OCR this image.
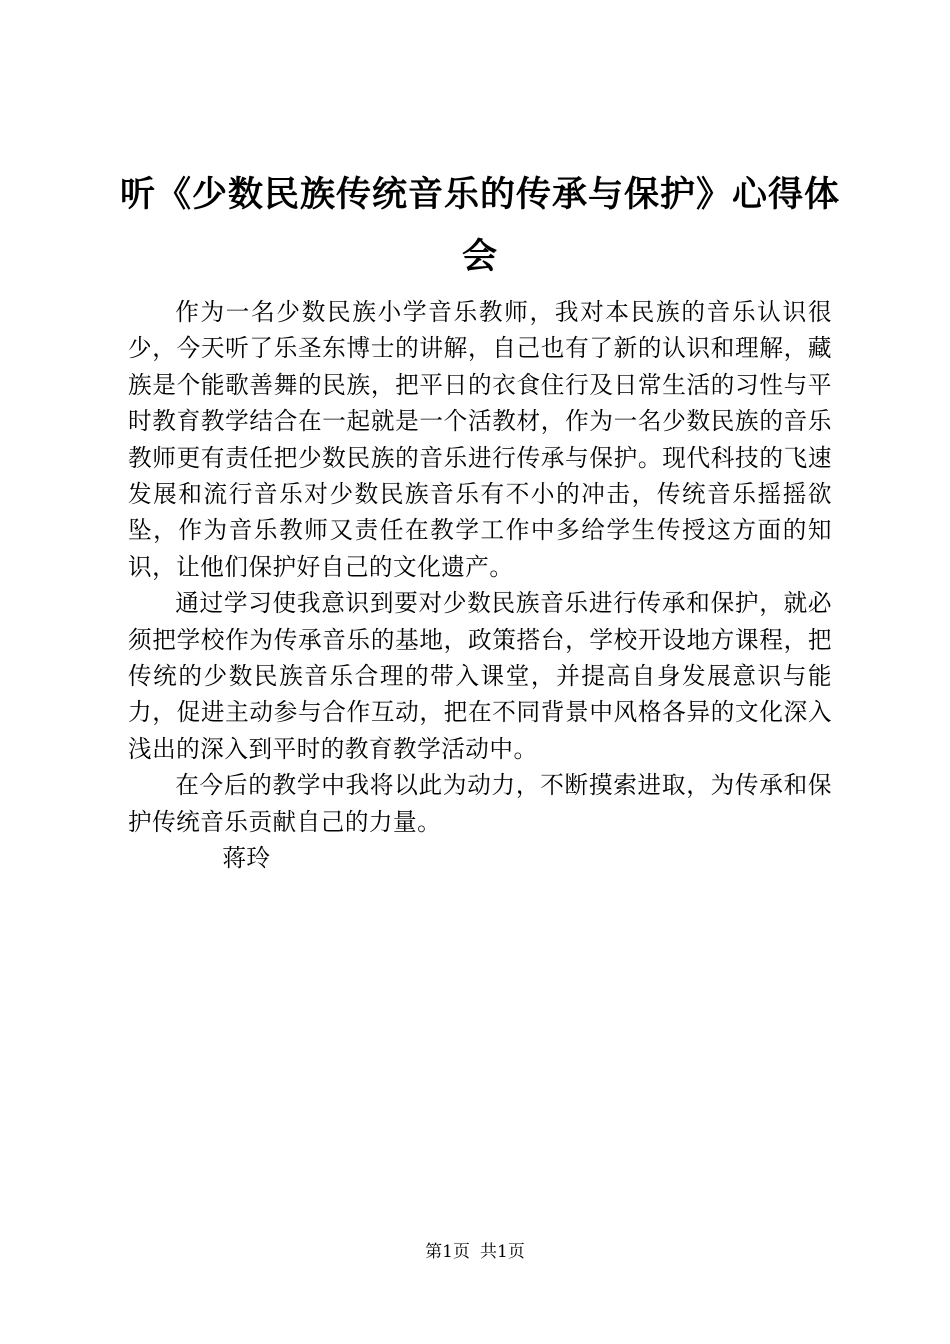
听《少数民族传统音乐的传承与保护》心得体会

作为一名少数民族小学音乐教师，我对本民族的音乐认识很少，今天听了乐圣东博士的讲解，自己也有了新的认识和理解，藏族是个能歌善舞的民族，把平日的衣食住行及日常生活的习性与平时教育教学结合在一起就是一个活教材，作为一名少数民族的音乐教师更有责任把少数民族的音乐进行传承与保护。现代科技的飞速发展和流行音乐对少数民族音乐有不小的冲击，传统音乐摇摇欲坠，作为音乐教师又责任在教学工作中多给学生传授这方面的知识，让他们保护好自己的文化遗产。

通过学习使我意识到要对少数民族音乐进行传承和保护，就必须把学校作为传承音乐的基地，政策搭台，学校开设地方课程，把传统的少数民族音乐合理的带入课堂，并提高自身发展意识与能力，促进主动参与合作互动，把在不同背景中风格各异的文化深入浅出的深入到平时的教育教学活动中。

在今后的教学中我将以此为动力，不断摸索进取，为传承和保护传统音乐贡献自己的力量。

蒋玲

第1页 共1页
